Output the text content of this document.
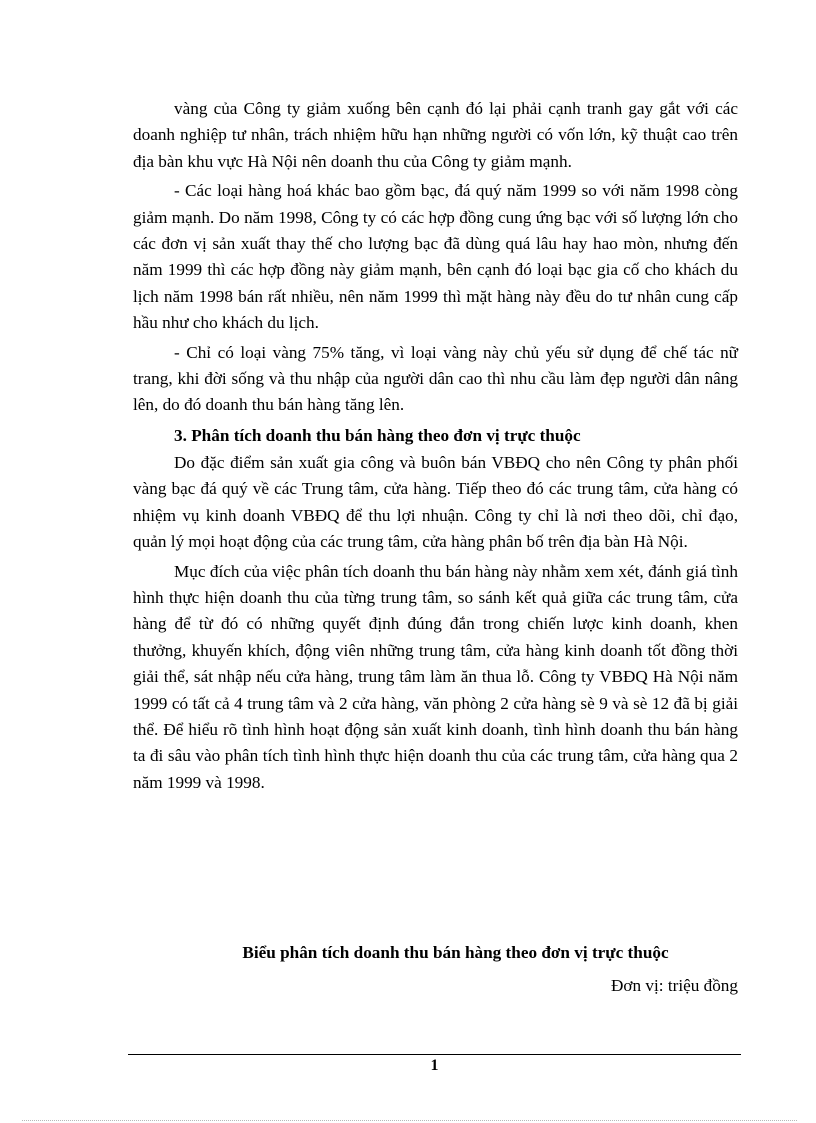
vàng của Công ty giảm xuống bên cạnh đó lại phải cạnh tranh gay gắt với các doanh nghiệp tư nhân, trách nhiệm hữu hạn những người có vốn lớn, kỹ thuật cao trên địa bàn khu vực Hà Nội nên doanh thu của Công ty giảm mạnh.

- Các loại hàng hoá khác bao gồm bạc, đá quý năm 1999 so với năm 1998 còng giảm mạnh. Do năm 1998, Công ty có các hợp đồng cung ứng bạc với số lượng lớn cho các đơn vị sản xuất thay thế cho lượng bạc đã dùng quá lâu hay hao mòn, nhưng đến năm 1999 thì các hợp đồng này giảm mạnh, bên cạnh đó loại bạc gia cố cho khách du lịch năm 1998 bán rất nhiều, nên năm 1999 thì mặt hàng này đều do tư nhân cung cấp hầu như cho khách du lịch.

- Chỉ có loại vàng 75% tăng, vì loại vàng này chủ yếu sử dụng để chế tác nữ trang, khi đời sống và thu nhập của người dân cao thì nhu cầu làm đẹp người dân nâng lên, do đó doanh thu bán hàng tăng lên.

3. Phân tích doanh thu bán hàng theo đơn vị trực thuộc

Do đặc điểm sản xuất gia công và buôn bán VBĐQ cho nên Công ty phân phối vàng bạc đá quý về các Trung tâm, cửa hàng. Tiếp theo đó các trung tâm, cửa hàng có nhiệm vụ kinh doanh VBĐQ để thu lợi nhuận. Công ty chỉ là nơi theo dõi, chỉ đạo, quản lý mọi hoạt động của các trung tâm, cửa hàng phân bố trên địa bàn Hà Nội.

Mục đích của việc phân tích doanh thu bán hàng này nhằm xem xét, đánh giá tình hình thực hiện doanh thu của từng trung tâm, so sánh kết quả giữa các trung tâm, cửa hàng để từ đó có những quyết định đúng đắn trong chiến lược kinh doanh, khen thưởng, khuyến khích, động viên những trung tâm, cửa hàng kinh doanh tốt đồng thời giải thể, sát nhập nếu cửa hàng, trung tâm làm ăn thua lỗ. Công ty VBĐQ Hà Nội năm 1999 có tất cả 4 trung tâm và 2 cửa hàng, văn phòng 2 cửa hàng sè 9 và sè 12 đã bị giải thể. Để hiểu rõ tình hình hoạt động sản xuất kinh doanh, tình hình doanh thu bán hàng ta đi sâu vào phân tích tình hình thực hiện doanh thu của các trung tâm, cửa hàng qua 2 năm 1999 và 1998.

Biểu phân tích doanh thu bán hàng theo đơn vị trực thuộc

Đơn vị: triệu đồng

1
